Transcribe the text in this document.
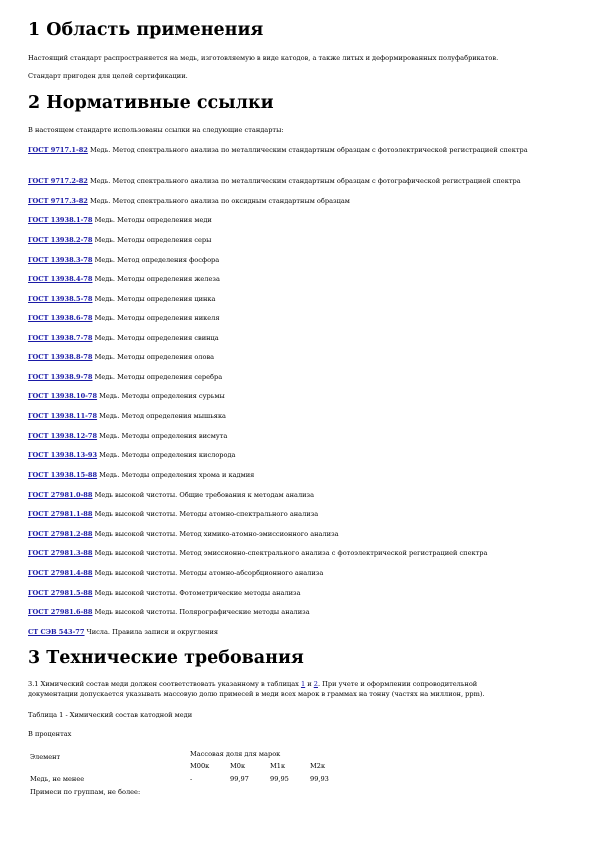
1 Область применения
Настоящий стандарт распространяется на медь, изготовляемую в виде катодов, а также литых и деформированных полуфабрикатов.
Стандарт пригоден для целей сертификации.
2 Нормативные ссылки
В настоящем стандарте использованы ссылки на следующие стандарты:
ГОСТ 9717.1-82 Медь. Метод спектрального анализа по металлическим стандартным образцам с фотоэлектрической регистрацией спектра
ГОСТ 9717.2-82 Медь. Метод спектрального анализа по металлическим стандартным образцам с фотографической регистрацией спектра
ГОСТ 9717.3-82 Медь. Метод спектрального анализа по оксидным стандартным образцам
ГОСТ 13938.1-78 Медь. Методы определения меди
ГОСТ 13938.2-78 Медь. Методы определения серы
ГОСТ 13938.3-78 Медь. Метод определения фосфора
ГОСТ 13938.4-78 Медь. Методы определения железа
ГОСТ 13938.5-78 Медь. Методы определения цинка
ГОСТ 13938.6-78 Медь. Методы определения никеля
ГОСТ 13938.7-78 Медь. Методы определения свинца
ГОСТ 13938.8-78 Медь. Методы определения олова
ГОСТ 13938.9-78 Медь. Методы определения серебра
ГОСТ 13938.10-78 Медь. Методы определения сурьмы
ГОСТ 13938.11-78 Медь. Метод определения мышьяка
ГОСТ 13938.12-78 Медь. Методы определения висмута
ГОСТ 13938.13-93 Медь. Методы определения кислорода
ГОСТ 13938.15-88 Медь. Методы определения хрома и кадмия
ГОСТ 27981.0-88 Медь высокой чистоты. Общие требования к методам анализа
ГОСТ 27981.1-88 Медь высокой чистоты. Методы атомно-спектрального анализа
ГОСТ 27981.2-88 Медь высокой чистоты. Метод химико-атомно-эмиссионного анализа
ГОСТ 27981.3-88 Медь высокой чистоты. Метод эмиссионно-спектрального анализа с фотоэлектрической регистрацией спектра
ГОСТ 27981.4-88 Медь высокой чистоты. Методы атомно-абсорбционного анализа
ГОСТ 27981.5-88 Медь высокой чистоты. Фотометрические методы анализа
ГОСТ 27981.6-88 Медь высокой чистоты. Полярографические методы анализа
СТ СЭВ 543-77 Числа. Правила записи и округления
3 Технические требования
3.1 Химический состав меди должен соответствовать указанному в таблицах 1 и 2. При учете и оформлении сопроводительной
документации допускается указывать массовую долю примесей в меди всех марок в граммах на тонну (частях на миллион, ppm).
Таблица 1 - Химический состав катодной меди
В процентах
Элемент	Массовая доля для марок
М00к	М0к	М1к	М2к
Медь, не менее	-	99,97	99,95	99,93
Примеси по группам, не более:
